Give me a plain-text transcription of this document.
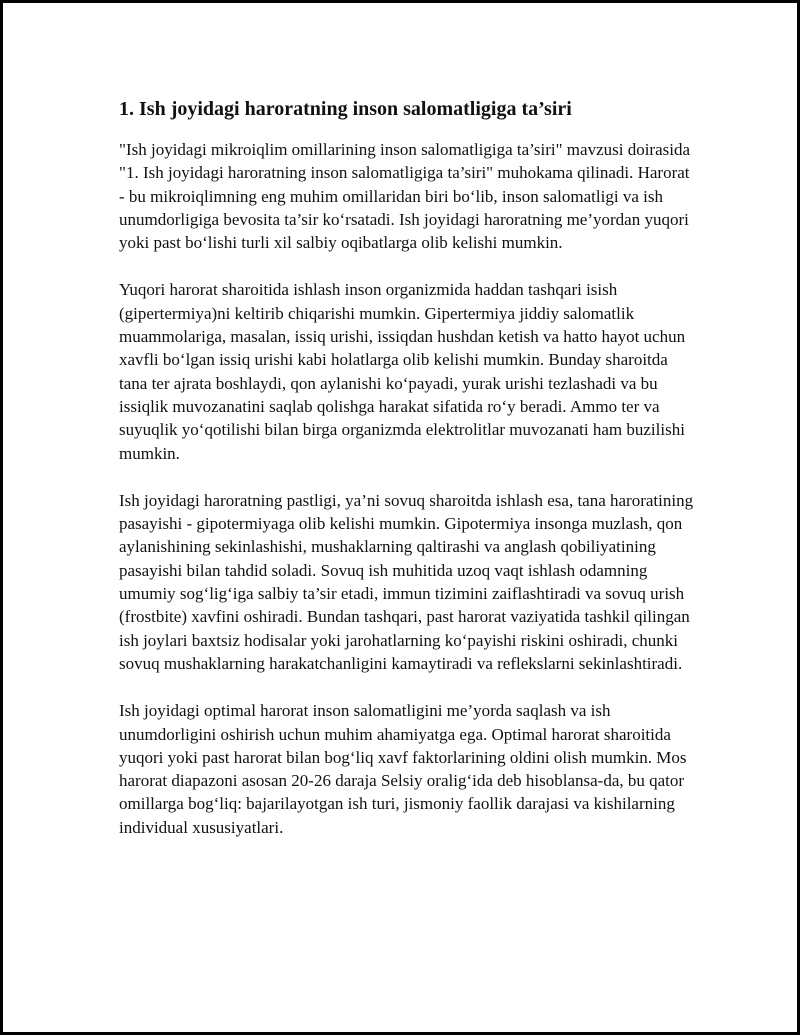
1. Ish joyidagi haroratning inson salomatligiga ta’siri

"Ish joyidagi mikroiqlim omillarining inson salomatligiga ta’siri" mavzusi doirasida "1. Ish joyidagi haroratning inson salomatligiga ta’siri" muhokama qilinadi. Harorat - bu mikroiqlimning eng muhim omillaridan biri bo‘lib, inson salomatligi va ish unumdorligiga bevosita ta’sir ko‘rsatadi. Ish joyidagi haroratning me’yordan yuqori yoki past bo‘lishi turli xil salbiy oqibatlarga olib kelishi mumkin.

Yuqori harorat sharoitida ishlash inson organizmida haddan tashqari isish (gipertermiya)ni keltirib chiqarishi mumkin. Gipertermiya jiddiy salomatlik muammolariga, masalan, issiq urishi, issiqdan hushdan ketish va hatto hayot uchun xavfli bo‘lgan issiq urishi kabi holatlarga olib kelishi mumkin. Bunday sharoitda tana ter ajrata boshlaydi, qon aylanishi ko‘payadi, yurak urishi tezlashadi va bu issiqlik muvozanatini saqlab qolishga harakat sifatida ro‘y beradi. Ammo ter va suyuqlik yo‘qotilishi bilan birga organizmda elektrolitlar muvozanati ham buzilishi mumkin.

Ish joyidagi haroratning pastligi, ya’ni sovuq sharoitda ishlash esa, tana haroratining pasayishi - gipotermiyaga olib kelishi mumkin. Gipotermiya insonga muzlash, qon aylanishining sekinlashishi, mushaklarning qaltirashi va anglash qobiliyatining pasayishi bilan tahdid soladi. Sovuq ish muhitida uzoq vaqt ishlash odamning umumiy sog‘lig‘iga salbiy ta’sir etadi, immun tizimini zaiflashtiradi va sovuq urish (frostbite) xavfini oshiradi. Bundan tashqari, past harorat vaziyatida tashkil qilingan ish joylari baxtsiz hodisalar yoki jarohatlarning ko‘payishi riskini oshiradi, chunki sovuq mushaklarning harakatchanligini kamaytiradi va reflekslarni sekinlashtiradi.

Ish joyidagi optimal harorat inson salomatligini me’yorda saqlash va ish unumdorligini oshirish uchun muhim ahamiyatga ega. Optimal harorat sharoitida yuqori yoki past harorat bilan bog‘liq xavf faktorlarining oldini olish mumkin. Mos harorat diapazoni asosan 20-26 daraja Selsiy oralig‘ida deb hisoblansa-da, bu qator omillarga bog‘liq: bajarilayotgan ish turi, jismoniy faollik darajasi va kishilarning individual xususiyatlari.
